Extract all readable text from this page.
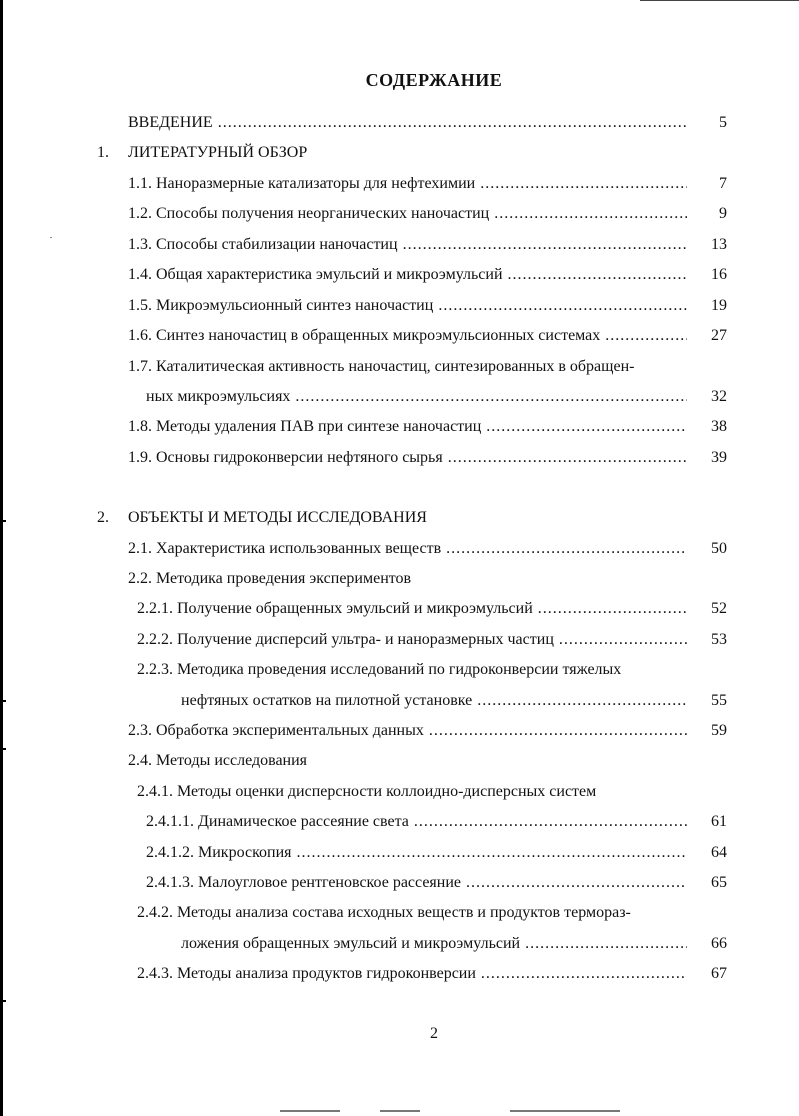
СОДЕРЖАНИЕ
ВВЕДЕНИЕ .....	5
1. ЛИТЕРАТУРНЫЙ ОБЗОР
1.1. Наноразмерные катализаторы для нефтехимии .....	7
1.2. Способы получения неорганических наночастиц .....	9
1.3. Способы стабилизации наночастиц .....	13
1.4. Общая характеристика эмульсий и микроэмульсий .....	16
1.5. Микроэмульсионный синтез наночастиц .....	19
1.6. Синтез наночастиц в обращенных микроэмульсионных системах .....	27
1.7. Каталитическая активность наночастиц, синтезированных в обращен-
ных микроэмульсиях .....	32
1.8. Методы удаления ПАВ при синтезе наночастиц .....	38
1.9. Основы гидроконверсии нефтяного сырья .....	39
2. ОБЪЕКТЫ И МЕТОДЫ ИССЛЕДОВАНИЯ
2.1. Характеристика использованных веществ .....	50
2.2. Методика проведения экспериментов
2.2.1. Получение обращенных эмульсий и микроэмульсий .....	52
2.2.2. Получение дисперсий ультра- и наноразмерных частиц .....	53
2.2.3. Методика проведения исследований по гидроконверсии тяжелых
нефтяных остатков на пилотной установке .....	55
2.3. Обработка экспериментальных данных .....	59
2.4. Методы исследования
2.4.1. Методы оценки дисперсности коллоидно-дисперсных систем
2.4.1.1. Динамическое рассеяние света .....	61
2.4.1.2. Микроскопия .....	64
2.4.1.3. Малоугловое рентгеновское рассеяние .....	65
2.4.2. Методы анализа состава исходных веществ и продуктов терморaз-
ложения обращенных эмульсий и микроэмульсий .....	66
2.4.3. Методы анализа продуктов гидроконверсии .....	67
2
